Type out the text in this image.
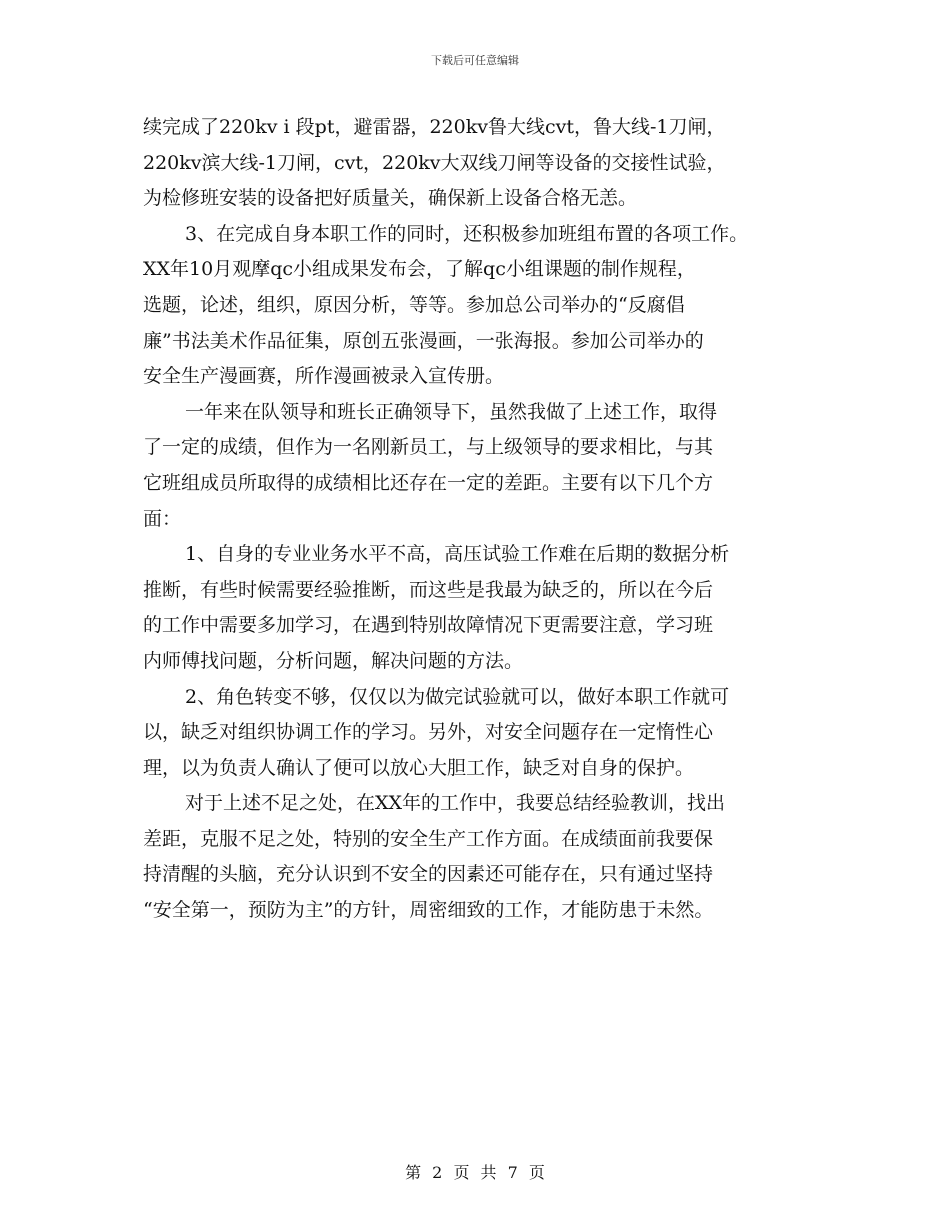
下载后可任意编辑
续完成了220kv i 段pt，避雷器，220kv鲁大线cvt，鲁大线-1刀闸，
220kv滨大线-1刀闸，cvt，220kv大双线刀闸等设备的交接性试验，
为检修班安装的设备把好质量关，确保新上设备合格无恙。
3、在完成自身本职工作的同时，还积极参加班组布置的各项工作。
XX年10月观摩qc小组成果发布会，了解qc小组课题的制作规程，
选题，论述，组织，原因分析，等等。参加总公司举办的“反腐倡
廉”书法美术作品征集，原创五张漫画，一张海报。参加公司举办的
安全生产漫画赛，所作漫画被录入宣传册。
一年来在队领导和班长正确领导下，虽然我做了上述工作，取得
了一定的成绩，但作为一名刚新员工，与上级领导的要求相比，与其
它班组成员所取得的成绩相比还存在一定的差距。主要有以下几个方
面：
1、自身的专业业务水平不高，高压试验工作难在后期的数据分析
推断，有些时候需要经验推断，而这些是我最为缺乏的，所以在今后
的工作中需要多加学习，在遇到特别故障情况下更需要注意，学习班
内师傅找问题，分析问题，解决问题的方法。
2、角色转变不够，仅仅以为做完试验就可以，做好本职工作就可
以，缺乏对组织协调工作的学习。另外，对安全问题存在一定惰性心
理，以为负责人确认了便可以放心大胆工作，缺乏对自身的保护。
对于上述不足之处，在XX年的工作中，我要总结经验教训，找出
差距，克服不足之处，特别的安全生产工作方面。在成绩面前我要保
持清醒的头脑，充分认识到不安全的因素还可能存在，只有通过坚持
“安全第一，预防为主”的方针，周密细致的工作，才能防患于未然。
第 2 页 共 7 页
